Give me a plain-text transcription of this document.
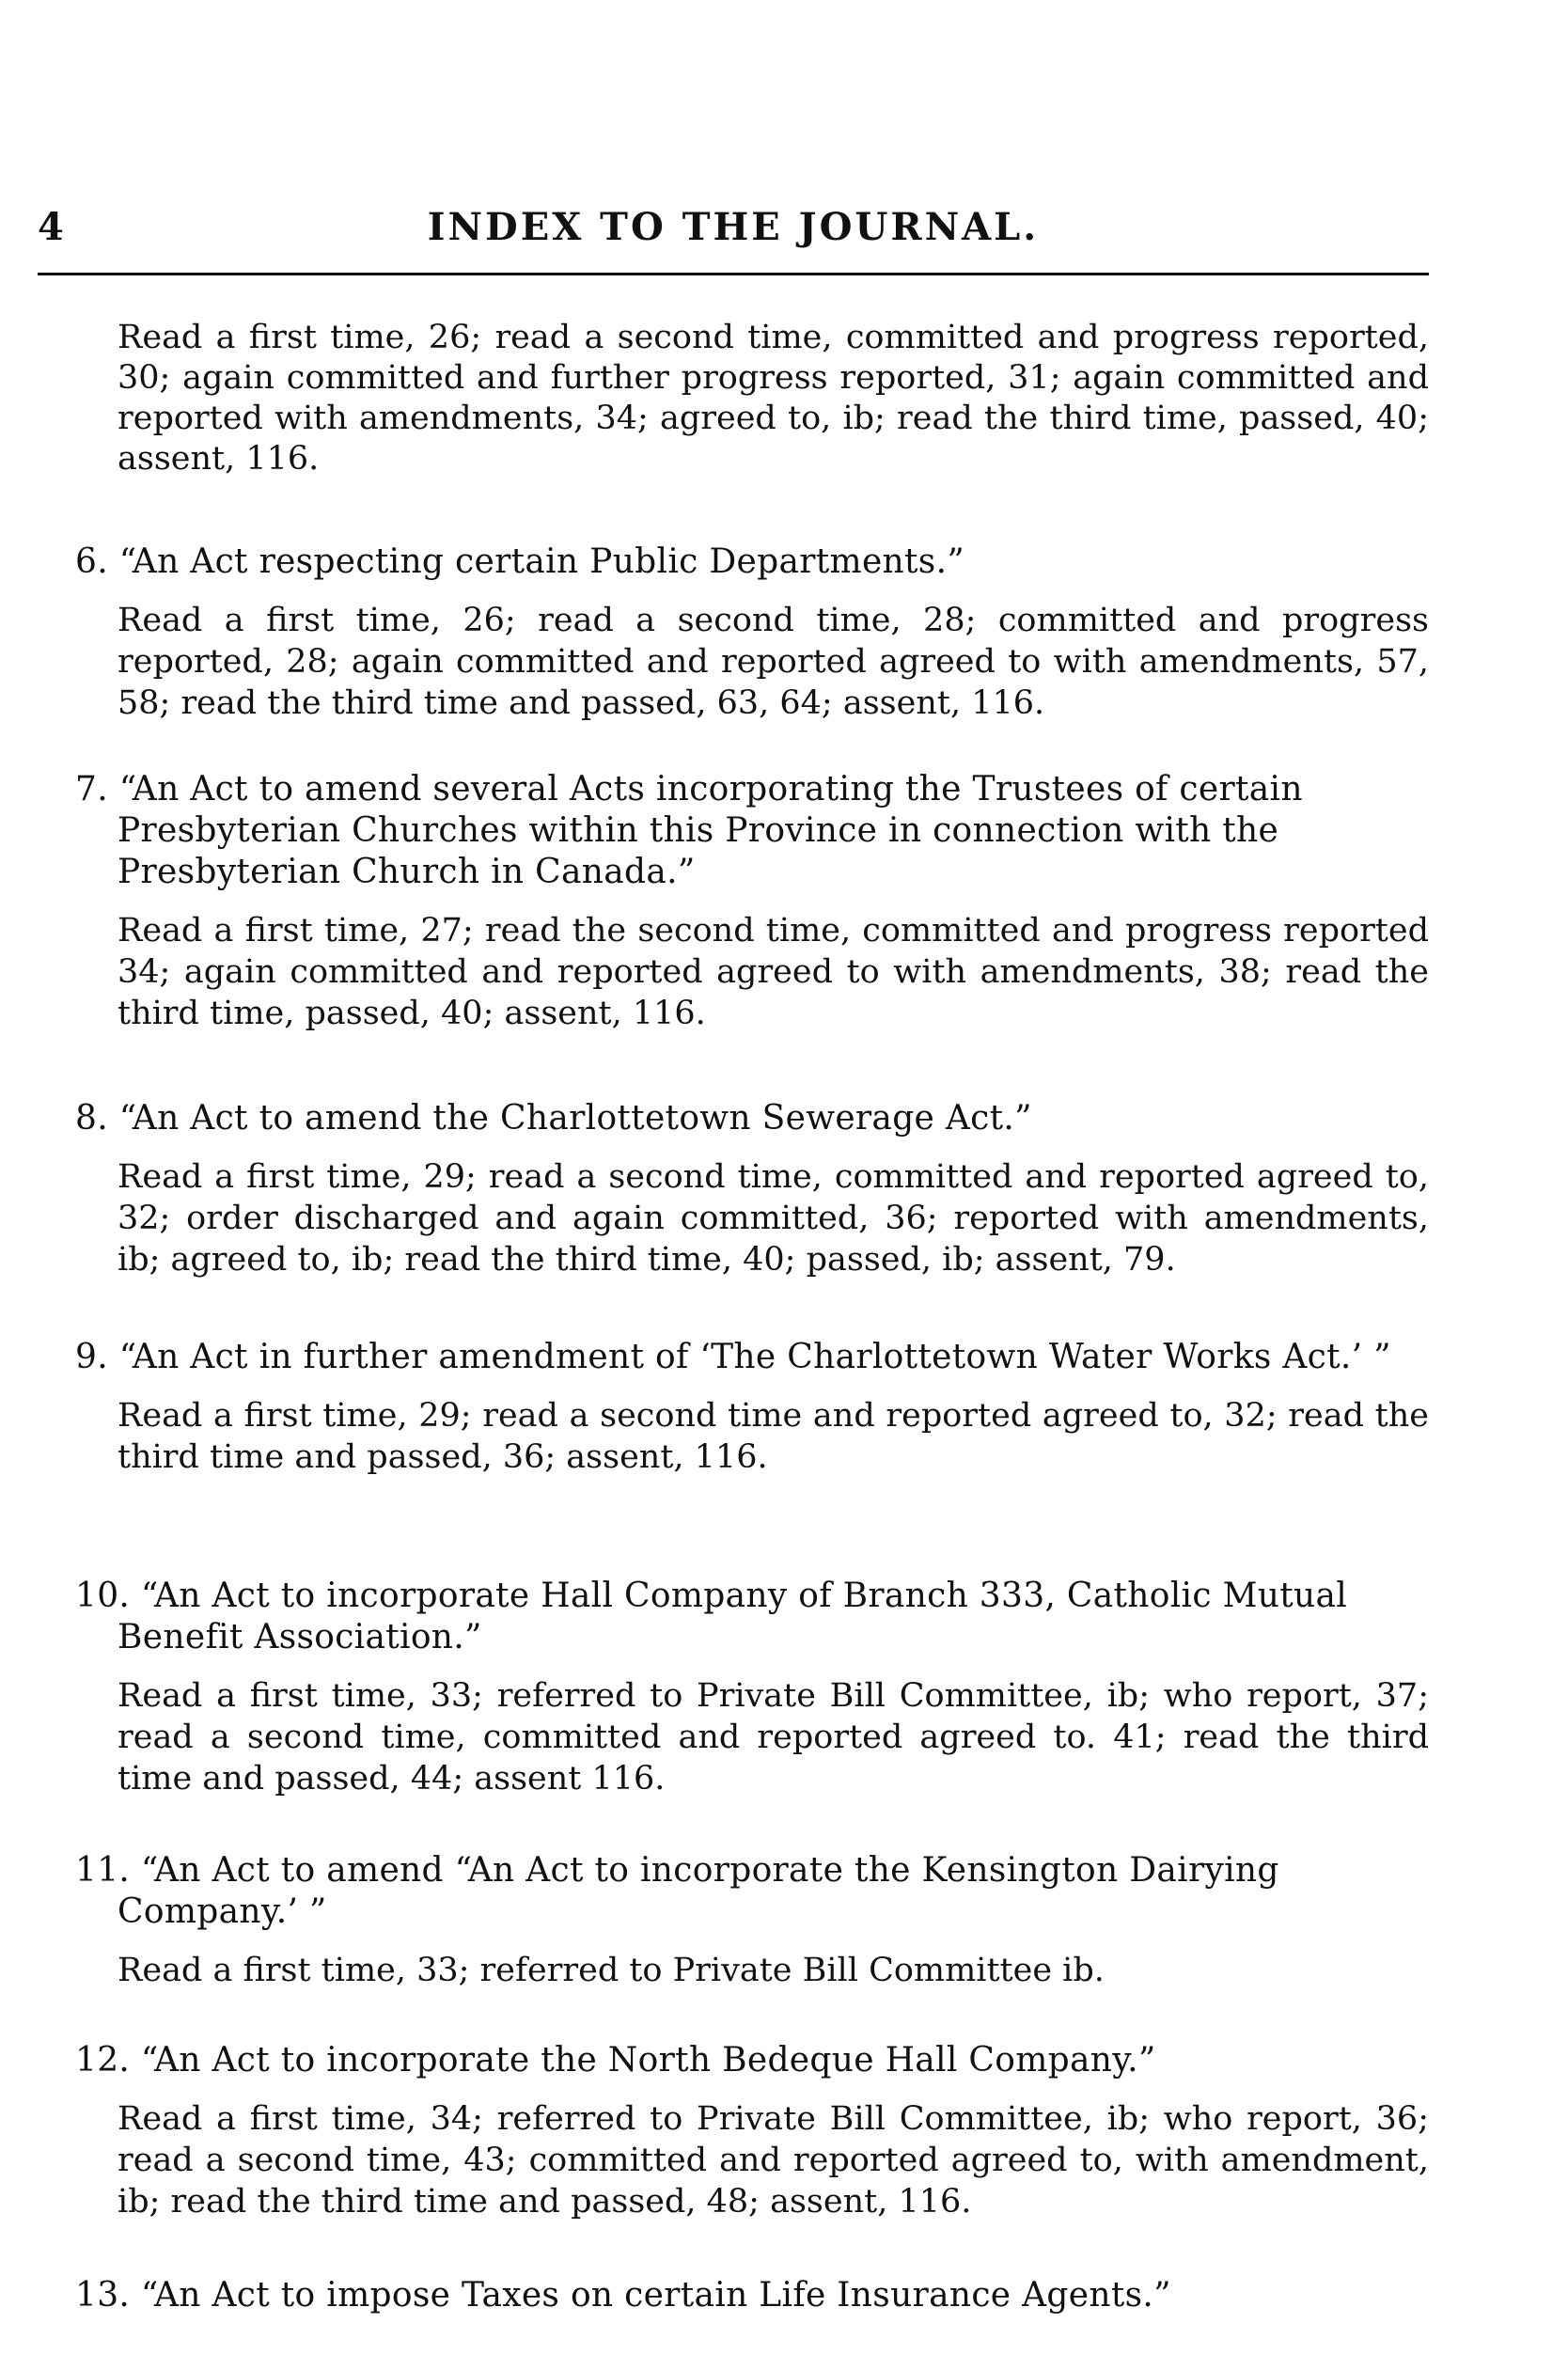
4	INDEX TO THE JOURNAL.

Read a first time, 26; read a second time, committed and progress reported, 30; again committed and further progress reported, 31; again committed and reported with amendments, 34; agreed to, ib; read the third time, passed, 40; assent, 116.

6. “An Act respecting certain Public Departments.”
Read a first time, 26; read a second time, 28; committed and progress reported, 28; again committed and reported agreed to with amendments, 57, 58; read the third time and passed, 63, 64; assent, 116.
7. “An Act to amend several Acts incorporating the Trustees of certain Presbyterian Churches within this Province in connection with the Presbyterian Church in Canada.”
Read a first time, 27; read the second time, committed and progress reported 34; again committed and reported agreed to with amendments, 38; read the third time, passed, 40; assent, 116.
8. “An Act to amend the Charlottetown Sewerage Act.”
Read a first time, 29; read a second time, committed and reported agreed to, 32; order discharged and again committed, 36; reported with amendments, ib; agreed to, ib; read the third time, 40; passed, ib; assent, 79.
9. “An Act in further amendment of ‘The Charlottetown Water Works Act.’ ”
Read a first time, 29; read a second time and reported agreed to, 32; read the third time and passed, 36; assent, 116.
10. “An Act to incorporate Hall Company of Branch 333, Catholic Mutual Benefit Association.”
Read a first time, 33; referred to Private Bill Committee, ib; who report, 37; read a second time, committed and reported agreed to. 41; read the third time and passed, 44; assent 116.
11. “An Act to amend “An Act to incorporate the Kensington Dairying Company.’ ”
Read a first time, 33; referred to Private Bill Committee ib.
12. “An Act to incorporate the North Bedeque Hall Company.”
Read a first time, 34; referred to Private Bill Committee, ib; who report, 36; read a second time, 43; committed and reported agreed to, with amendment, ib; read the third time and passed, 48; assent, 116.
13. “An Act to impose Taxes on certain Life Insurance Agents.”
